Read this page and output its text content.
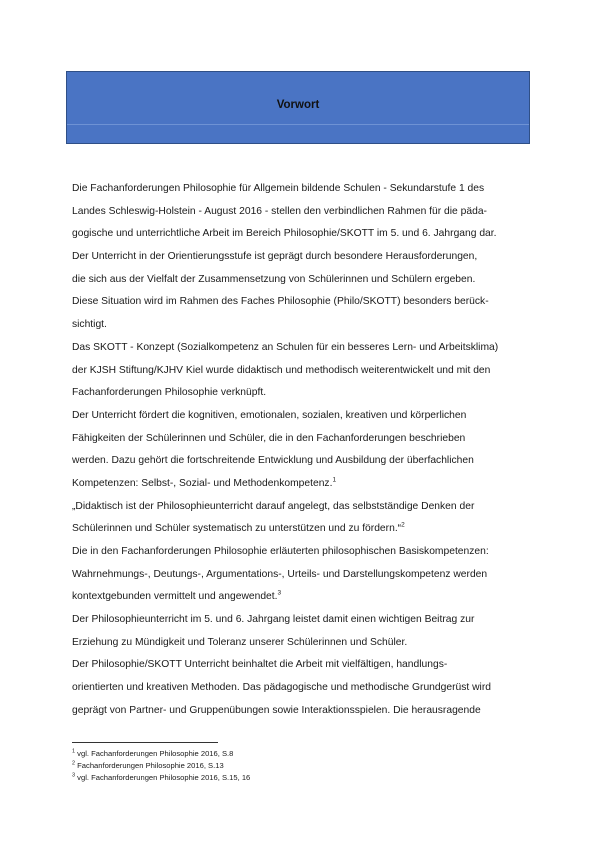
Vorwort
Die Fachanforderungen Philosophie für Allgemein bildende Schulen - Sekundarstufe 1 des
Landes Schleswig-Holstein - August 2016 - stellen den verbindlichen Rahmen für die päda-
gogische und unterrichtliche Arbeit im Bereich Philosophie/SKOTT im 5. und 6. Jahrgang dar.
Der Unterricht in der Orientierungsstufe ist geprägt durch besondere Herausforderungen,
die sich aus der Vielfalt der Zusammensetzung von Schülerinnen und Schülern ergeben.
Diese Situation wird im Rahmen des Faches Philosophie (Philo/SKOTT) besonders berück-
sichtigt.
Das SKOTT - Konzept (Sozialkompetenz an Schulen für ein besseres Lern- und Arbeitsklima)
der KJSH Stiftung/KJHV Kiel wurde didaktisch und methodisch weiterentwickelt und mit den
Fachanforderungen Philosophie verknüpft.
Der Unterricht fördert die kognitiven, emotionalen, sozialen, kreativen und körperlichen
Fähigkeiten der Schülerinnen und Schüler, die in den Fachanforderungen beschrieben
werden. Dazu gehört die fortschreitende Entwicklung und Ausbildung der überfachlichen
Kompetenzen: Selbst-, Sozial- und Methodenkompetenz.$^1$
„Didaktisch ist der Philosophieunterricht darauf angelegt, das selbstständige Denken der
Schülerinnen und Schüler systematisch zu unterstützen und zu fördern.“$^2$
Die in den Fachanforderungen Philosophie erläuterten philosophischen Basiskompetenzen:
Wahrnehmungs-, Deutungs-, Argumentations-, Urteils- und Darstellungskompetenz werden
kontextgebunden vermittelt und angewendet.$^3$
Der Philosophieunterricht im 5. und 6. Jahrgang leistet damit einen wichtigen Beitrag zur
Erziehung zu Mündigkeit und Toleranz unserer Schülerinnen und Schüler.
Der Philosophie/SKOTT Unterricht beinhaltet die Arbeit mit vielfältigen, handlungs-
orientierten und kreativen Methoden. Das pädagogische und methodische Grundgerüst wird
geprägt von Partner- und Gruppenübungen sowie Interaktionsspielen. Die herausragende
$^1$ vgl. Fachanforderungen Philosophie 2016, S.8
$^2$ Fachanforderungen Philosophie 2016, S.13
$^3$ vgl. Fachanforderungen Philosophie 2016, S.15, 16
